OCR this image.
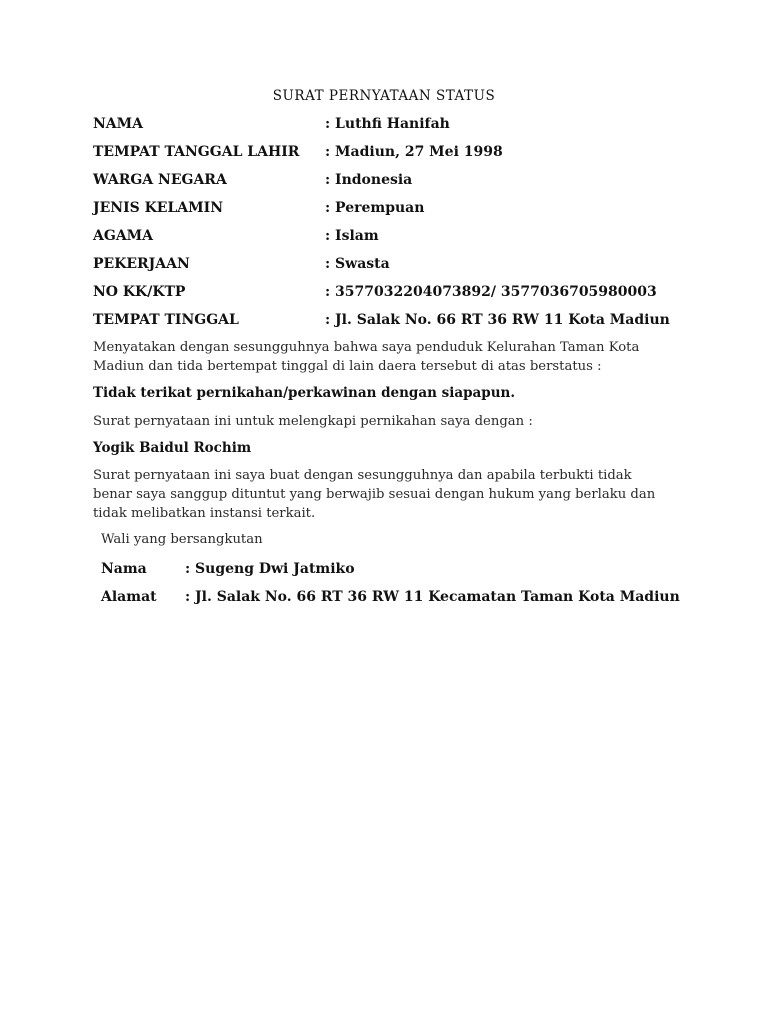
SURAT PERNYATAAN STATUS
NAMA	: Luthfi Hanifah
TEMPAT TANGGAL LAHIR : Madiun, 27 Mei 1998
WARGA NEGARA	: Indonesia
JENIS KELAMIN	: Perempuan
AGAMA	: Islam
PEKERJAAN	: Swasta
NO KK/KTP	: 3577032204073892/ 3577036705980003
TEMPAT TINGGAL	: Jl. Salak No. 66 RT 36 RW 11 Kota Madiun
Menyatakan dengan sesungguhnya bahwa saya penduduk Kelurahan Taman Kota Madiun dan tida bertempat tinggal di lain daera tersebut di atas berstatus :
Tidak terikat pernikahan/perkawinan dengan siapapun.
Surat pernyataan ini untuk melengkapi pernikahan saya dengan :
Yogik Baidul Rochim
Surat pernyataan ini saya buat dengan sesungguhnya dan apabila terbukti tidak benar saya sanggup dituntut yang berwajib sesuai dengan hukum yang berlaku dan tidak melibatkan instansi terkait.
Wali yang bersangkutan
Nama	: Sugeng Dwi Jatmiko
Alamat : Jl. Salak No. 66 RT 36 RW 11 Kecamatan Taman Kota Madiun
